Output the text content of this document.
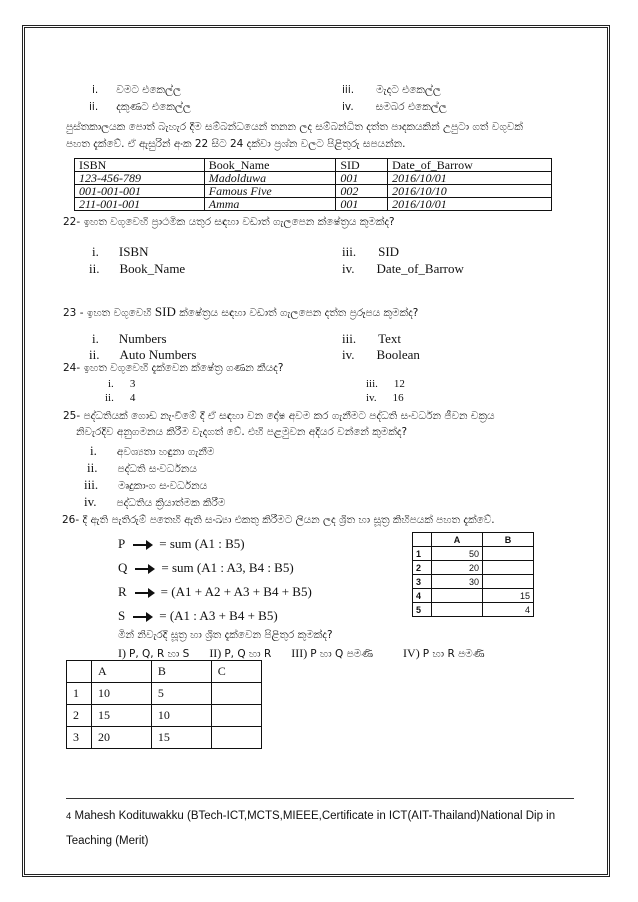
i. වමට එකෙල්ල	iii. මැදට එකෙල්ල
ii. දකුණට එකෙල්ල	iv. සමබර එකෙල්ල
පුස්තකාලයක පොත් බැහැර දීම සම්බන්ධයෙන් තනන ලද සම්බන්ධිත දත්ත පාදකයකින් උපුටා ගත් වගුවක්
පහත දැක්වේ. ඒ ඇසුරින් අංක 22 සිට 24 දක්වා ප්‍රශ්න වලට පිළිතුරු සපයන්න.
ISBN	Book_Name	SID	Date_of_Barrow
123-456-789	Madolduwa	001	2016/10/01
001-001-001	Famous Five	002	2016/10/10
211-001-001	Amma	001	2016/10/01
22- ඉහත වගුවෙහි ප්‍රාථමික යතුර සඳහා වඩාත් ගැලපෙන ක්ෂේත්‍රය කුමක්ද?
i. ISBN	iii. SID
ii. Book_Name	iv. Date_of_Barrow
23 - ඉහත වගුවෙහි SID ක්ෂේත්‍රය සඳහා වඩාත් ගැලපෙන දත්ත ප්‍රරූපය කුමක්ද?
i. Numbers	iii. Text
ii. Auto Numbers	iv. Boolean
24- ඉහත වගුවෙහි දැක්වෙන ක්ෂේත්‍ර ගණන කීයද?
i. 3	iii. 12
ii. 4	iv. 16
25- පද්ධතියක් ගොඩ නැංවීමේ දී ඒ සඳහා වන දෝෂ අවම කර ගැනීමට පද්ධති සංවර්ධන ජීවන චක්‍රය
නිවැරදිව අනුගමනය කිරීම වැදගත් වේ. එහි පළමුවන අදියර වන්නේ කුමක්ද?
i. අවශ්‍යතා හඳුනා ගැනීම
ii. පද්ධති සංවර්ධනය
iii. මෘදුකාංග සංවර්ධනය
iv. පද්ධතිය ක්‍රියාත්මක කිරීම
26- දී ඇති පැතිරුම් පතෙහි ඇති සංඛ්‍යා එකතු කිරීමට ලියන ලද ශ්‍රිත හා සූත්‍ර කිහිපයක් පහත දැක්වේ.
P	= sum (A1 : B5)
Q	= sum (A1 : A3, B4 : B5)
R	= (A1 + A2 + A3 + B4 + B5)
S	= (A1 : A3 + B4 + B5)
මින් නිවැරදි සූත්‍ර හා ශ්‍රිත දැක්වෙන පිළිතුර කුමක්ද?
I) P, Q, R හා S II) P, Q හා R III) P හා Q පමණි	IV) P හා R පමණි
	A	B
1	50	
2	20	
3	30	
4		15
5		4
	A	B	C
1	10	5	
2	15	10	
3	20	15	
4 Mahesh Kodituwakku (BTech-ICT,MCTS,MIEEE,Certificate in ICT(AIT-Thailand)National Dip in
Teaching (Merit)
